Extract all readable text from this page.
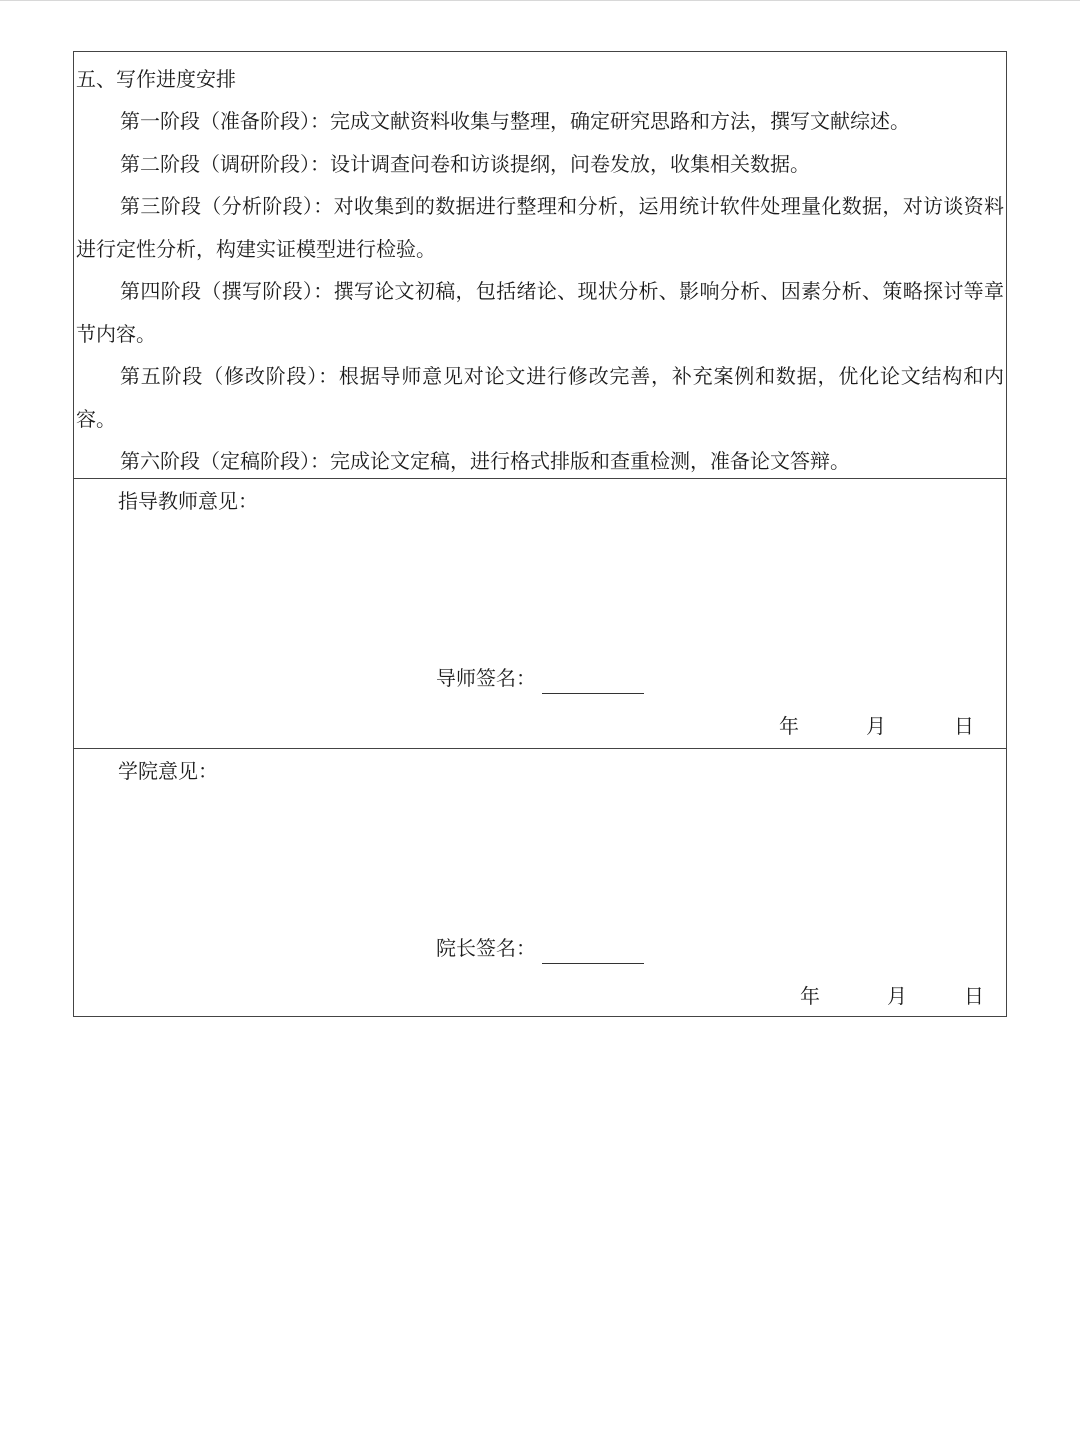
五、写作进度安排
第一阶段（准备阶段）：完成文献资料收集与整理，确定研究思路和方法，撰写文献综述。
第二阶段（调研阶段）：设计调查问卷和访谈提纲，问卷发放，收集相关数据。
第三阶段（分析阶段）：对收集到的数据进行整理和分析，运用统计软件处理量化数据，对访谈资料进行定性分析，构建实证模型进行检验。
第四阶段（撰写阶段）：撰写论文初稿，包括绪论、现状分析、影响分析、因素分析、策略探讨等章节内容。
第五阶段（修改阶段）：根据导师意见对论文进行修改完善，补充案例和数据，优化论文结构和内容。
第六阶段（定稿阶段）：完成论文定稿，进行格式排版和查重检测，准备论文答辩。
指导教师意见：
导师签名：
年	月	日
学院意见：
院长签名：
年	月	日
